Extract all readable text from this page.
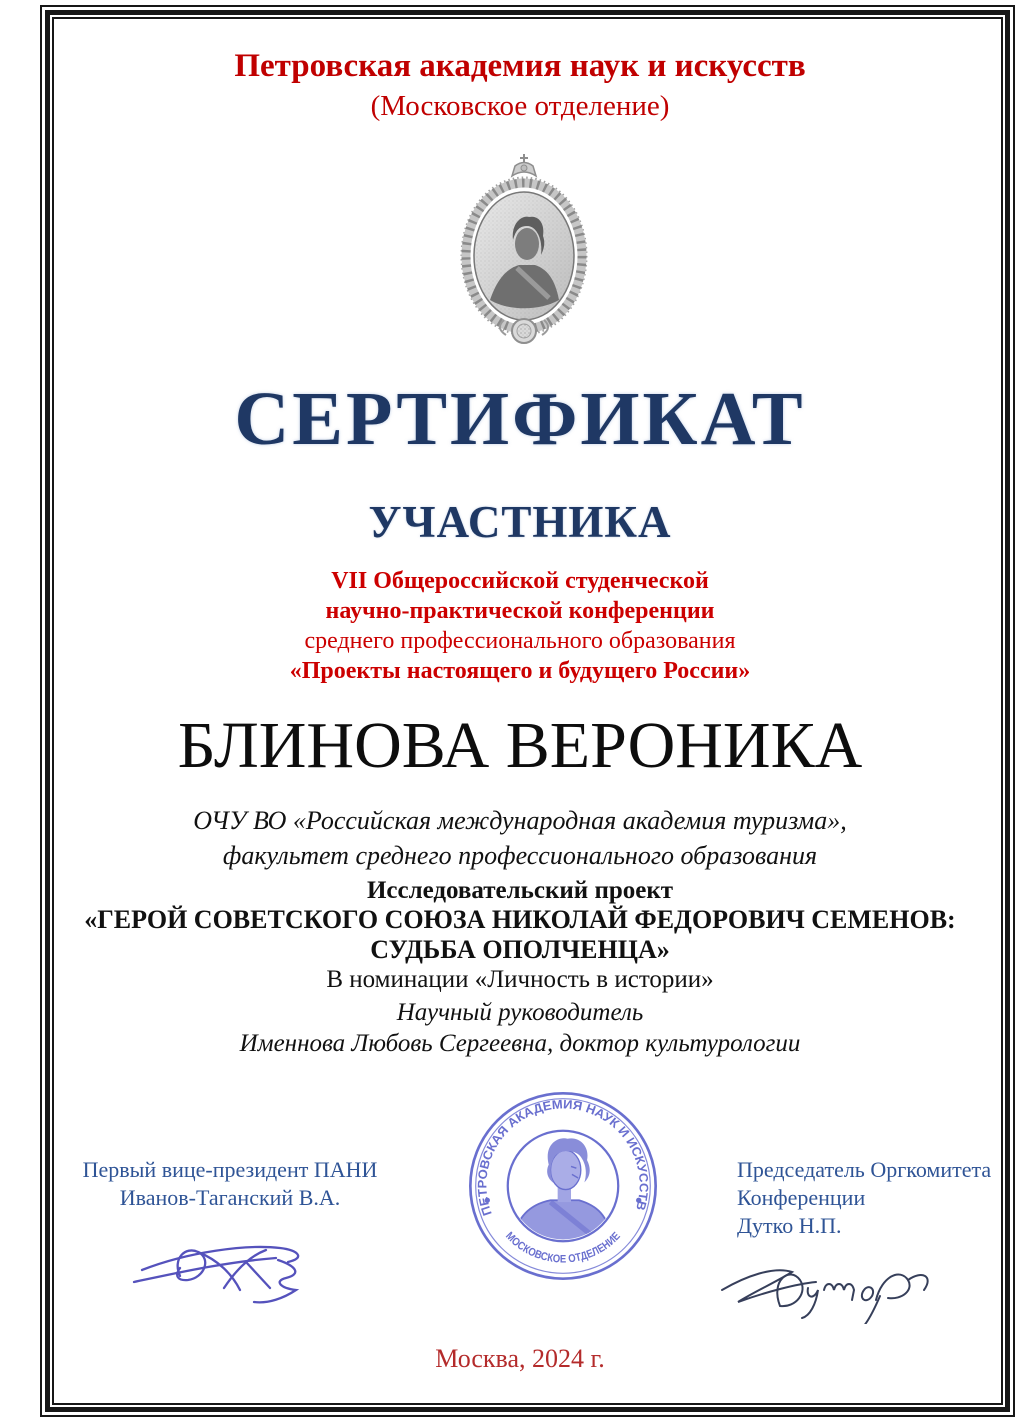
Петровская академия наук и искусств
(Московское отделение)
СЕРТИФИКАТ
УЧАСТНИКА
VII Общероссийской студенческой
научно-практической конференции
среднего профессионального образования
«Проекты настоящего и будущего России»
БЛИНОВА ВЕРОНИКА
ОЧУ ВО «Российская международная академия туризма»,
факультет среднего профессионального образования
Исследовательский проект
«ГЕРОЙ СОВЕТСКОГО СОЮЗА НИКОЛАЙ ФЕДОРОВИЧ СЕМЕНОВ:
СУДЬБА ОПОЛЧЕНЦА»
В номинации «Личность в истории»
Научный руководитель
Именнова Любовь Сергеевна, доктор культурологии
ПЕТРОВСКАЯ АКАДЕМИЯ НАУК И ИСКУССТВ
МОСКОВСКОЕ ОТДЕЛЕНИЕ
Первый вице-президент ПАНИ
Иванов-Таганский В.А.
Председатель Оргкомитета
Конференции
Дутко Н.П.
Москва, 2024 г.
